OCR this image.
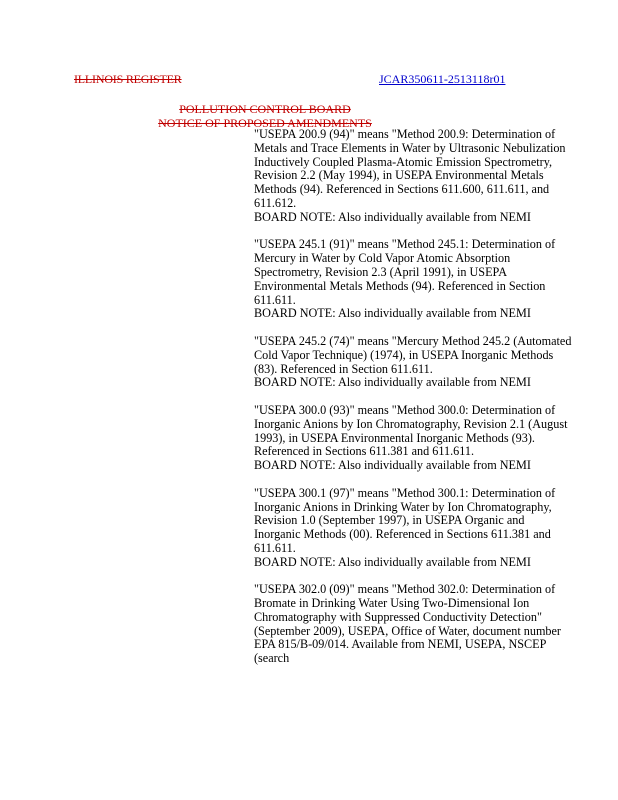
ILLINOIS REGISTER	JCAR350611-2513118r01
POLLUTION CONTROL BOARD
NOTICE OF PROPOSED AMENDMENTS

"USEPA 200.9 (94)" means "Method 200.9: Determination of Metals and Trace Elements in Water by Ultrasonic Nebulization Inductively Coupled Plasma-Atomic Emission Spectrometry, Revision 2.2 (May 1994), in USEPA Environmental Metals Methods (94). Referenced in Sections 611.600, 611.611, and 611.612.

BOARD NOTE: Also individually available from NEMI

"USEPA 245.1 (91)" means "Method 245.1: Determination of Mercury in Water by Cold Vapor Atomic Absorption Spectrometry, Revision 2.3 (April 1991), in USEPA Environmental Metals Methods (94). Referenced in Section 611.611.

BOARD NOTE: Also individually available from NEMI

"USEPA 245.2 (74)" means "Mercury Method 245.2 (Automated Cold Vapor Technique) (1974), in USEPA Inorganic Methods (83). Referenced in Section 611.611.

BOARD NOTE: Also individually available from NEMI

"USEPA 300.0 (93)" means "Method 300.0: Determination of Inorganic Anions by Ion Chromatography, Revision 2.1 (August 1993), in USEPA Environmental Inorganic Methods (93). Referenced in Sections 611.381 and 611.611.

BOARD NOTE: Also individually available from NEMI

"USEPA 300.1 (97)" means "Method 300.1: Determination of Inorganic Anions in Drinking Water by Ion Chromatography, Revision 1.0 (September 1997), in USEPA Organic and Inorganic Methods (00). Referenced in Sections 611.381 and 611.611.

BOARD NOTE: Also individually available from NEMI

"USEPA 302.0 (09)" means "Method 302.0: Determination of Bromate in Drinking Water Using Two-Dimensional Ion Chromatography with Suppressed Conductivity Detection" (September 2009), USEPA, Office of Water, document number EPA 815/B-09/014. Available from NEMI, USEPA, NSCEP (search
